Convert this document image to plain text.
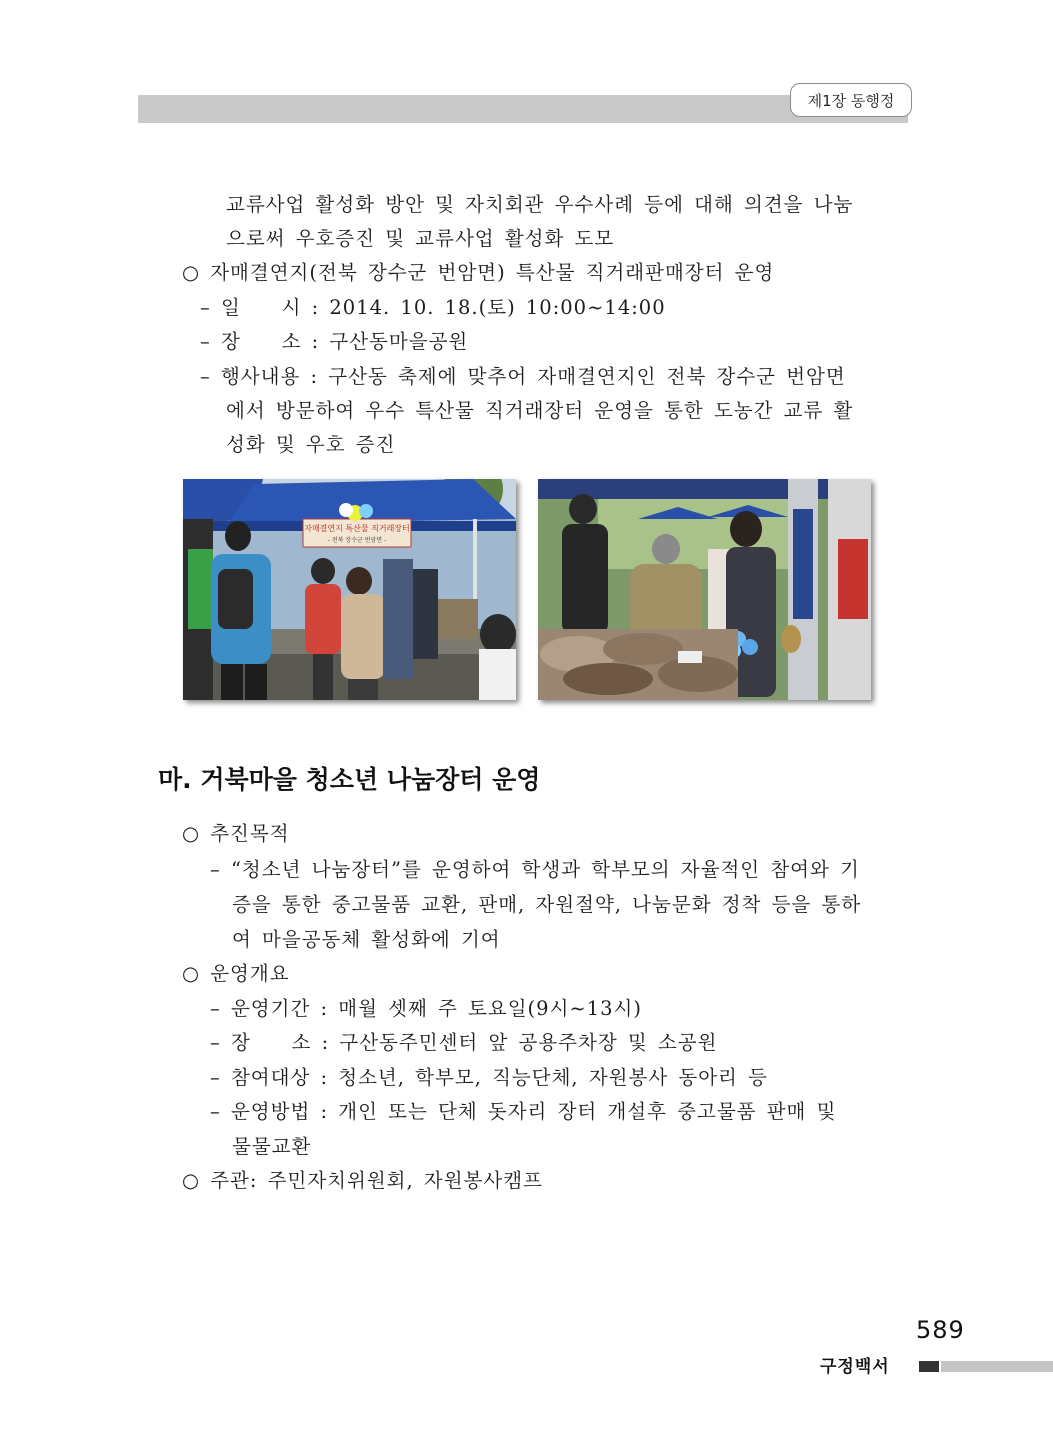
제1장 동행정
교류사업 활성화 방안 및 자치회관 우수사례 등에 대해 의견을 나눔
으로써 우호증진 및 교류사업 활성화 도모
○ 자매결연지(전북 장수군 번암면) 특산물 직거래판매장터 운영
– 일    시 : 2014. 10. 18.(토) 10:00∼14:00
– 장    소 : 구산동마을공원
– 행사내용 : 구산동 축제에 맞추어 자매결연지인 전북 장수군 번암면
에서 방문하여 우수 특산물 직거래장터 운영을 통한 도농간 교류 활
성화 및 우호 증진
자매결연지 특산물 직거래장터
- 전북 장수군 번암면 -
마. 거북마을 청소년 나눔장터 운영
○ 추진목적
– “청소년 나눔장터”를 운영하여 학생과 학부모의 자율적인 참여와 기
증을 통한 중고물품 교환, 판매, 자원절약, 나눔문화 정착 등을 통하
여 마을공동체 활성화에 기여
○ 운영개요
– 운영기간 : 매월 셋째 주 토요일(9시∼13시)
– 장    소 : 구산동주민센터 앞 공용주차장 및 소공원
– 참여대상 : 청소년, 학부모, 직능단체, 자원봉사 동아리 등
– 운영방법 : 개인 또는 단체 돗자리 장터 개설후 중고물품 판매 및
물물교환
○ 주관: 주민자치위원회, 자원봉사캠프
589
구정백서
